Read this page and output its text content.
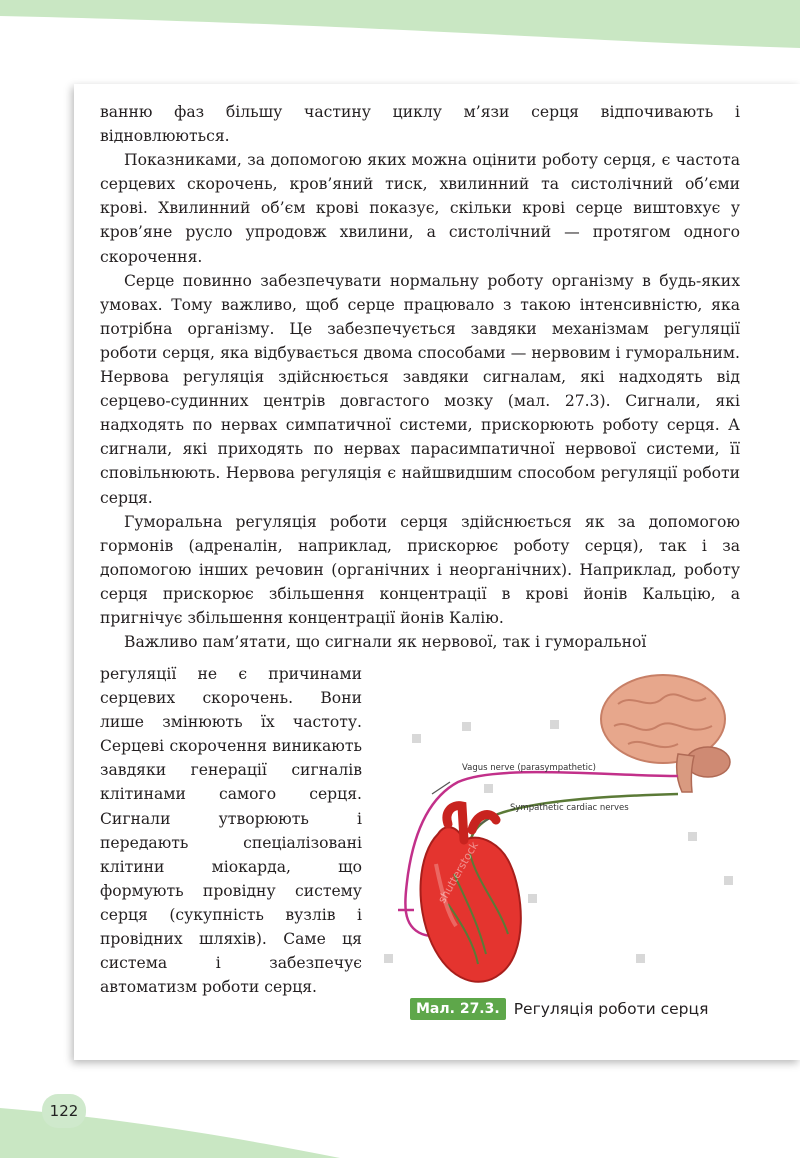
ванню фаз більшу частину циклу м’язи серця відпочивають і відновлюються.

Показниками, за допомогою яких можна оцінити роботу серця, є частота серцевих скорочень, кров’яний тиск, хвилинний та систолічний об’єми крові. Хвилинний об’єм крові показує, скільки крові серце виштовхує у кров’яне русло упродовж хвилини, а систолічний — протягом одного скорочення.

Серце повинно забезпечувати нормальну роботу організму в будь-яких умовах. Тому важливо, щоб серце працювало з такою інтенсивністю, яка потрібна організму. Це забезпечується завдяки механізмам регуляції роботи серця, яка відбувається двома способами — нервовим і гуморальним. Нервова регуляція здійснюється завдяки сигналам, які надходять від серцево-судинних центрів довгастого мозку (мал. 27.3). Сигнали, які надходять по нервах симпатичної системи, прискорюють роботу серця. А сигнали, які приходять по нервах парасимпатичної нервової системи, її сповільнюють. Нервова регуляція є найшвидшим способом регуляції роботи серця.

Гуморальна регуляція роботи серця здійснюється як за допомогою гормонів (адреналін, наприклад, прискорює роботу серця), так і за допомогою інших речовин (органічних і неорганічних). Наприклад, роботу серця прискорює збільшення концентрації в крові йонів Кальцію, а пригнічує збільшення концентрації йонів Калію.

Важливо пам’ятати, що сигнали як нервової, так і гуморальної

регуляції не є причинами серцевих скорочень. Вони лише змінюють їх частоту. Серцеві скорочення виникають завдяки генерації сигналів клітинами самого серця. Сигнали утворюють і передають спеціалізовані клітини міокарда, що формують провідну систему серця (сукупність вузлів і провідних шляхів). Саме ця система і забезпечує автоматизм роботи серця.
Vagus nerve (parasympathetic)
Sympathetic cardiac nerves
shutterstock
Мал. 27.3. Регуляція роботи серця
122
